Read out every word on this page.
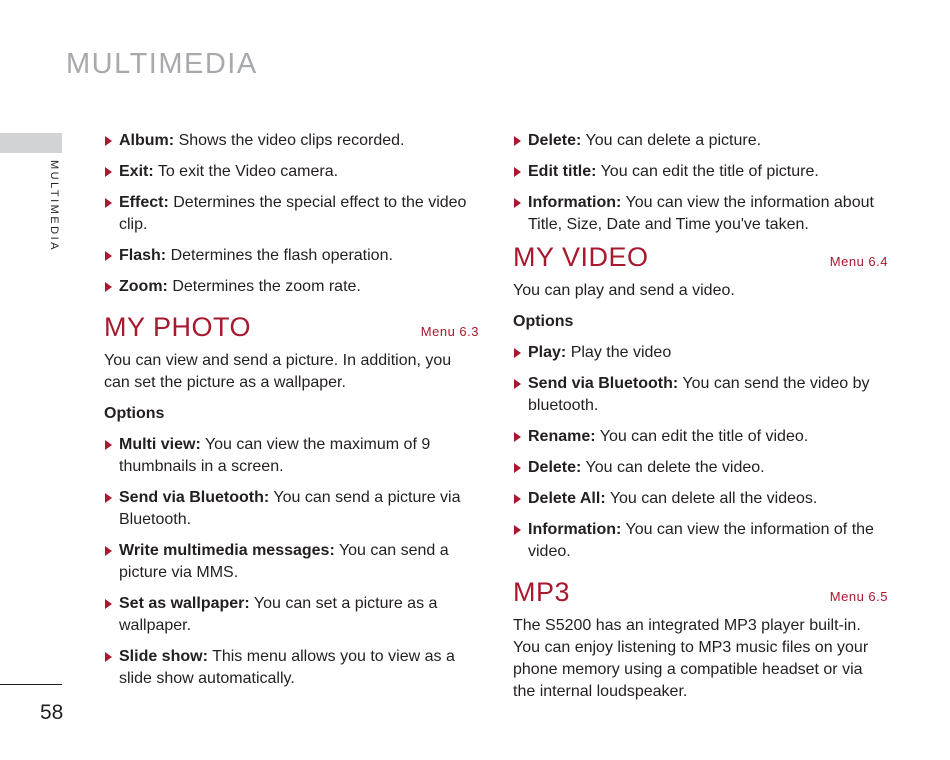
MULTIMEDIA
MULTIMEDIA
58
Album: Shows the video clips recorded.
Exit: To exit the Video camera.
Effect: Determines the special effect to the video clip.
Flash: Determines the flash operation.
Zoom: Determines the zoom rate.
MY PHOTO	Menu 6.3

You can view and send a picture. In addition, you can set the picture as a wallpaper.

Options

Multi view: You can view the maximum of 9 thumbnails in a screen.
Send via Bluetooth: You can send a picture via Bluetooth.
Write multimedia messages: You can send a picture via MMS.
Set as wallpaper: You can set a picture as a wallpaper.
Slide show: This menu allows you to view as a slide show automatically.
Delete: You can delete a picture.
Edit title: You can edit the title of picture.
Information: You can view the information about Title, Size, Date and Time you've taken.
MY VIDEO	Menu 6.4

You can play and send a video.

Options

Play: Play the video
Send via Bluetooth: You can send the video by bluetooth.
Rename: You can edit the title of video.
Delete: You can delete the video.
Delete All: You can delete all the videos.
Information: You can view the information of the video.
MP3	Menu 6.5

The S5200 has an integrated MP3 player built-in. You can enjoy listening to MP3 music files on your phone memory using a compatible headset or via the internal loudspeaker.
